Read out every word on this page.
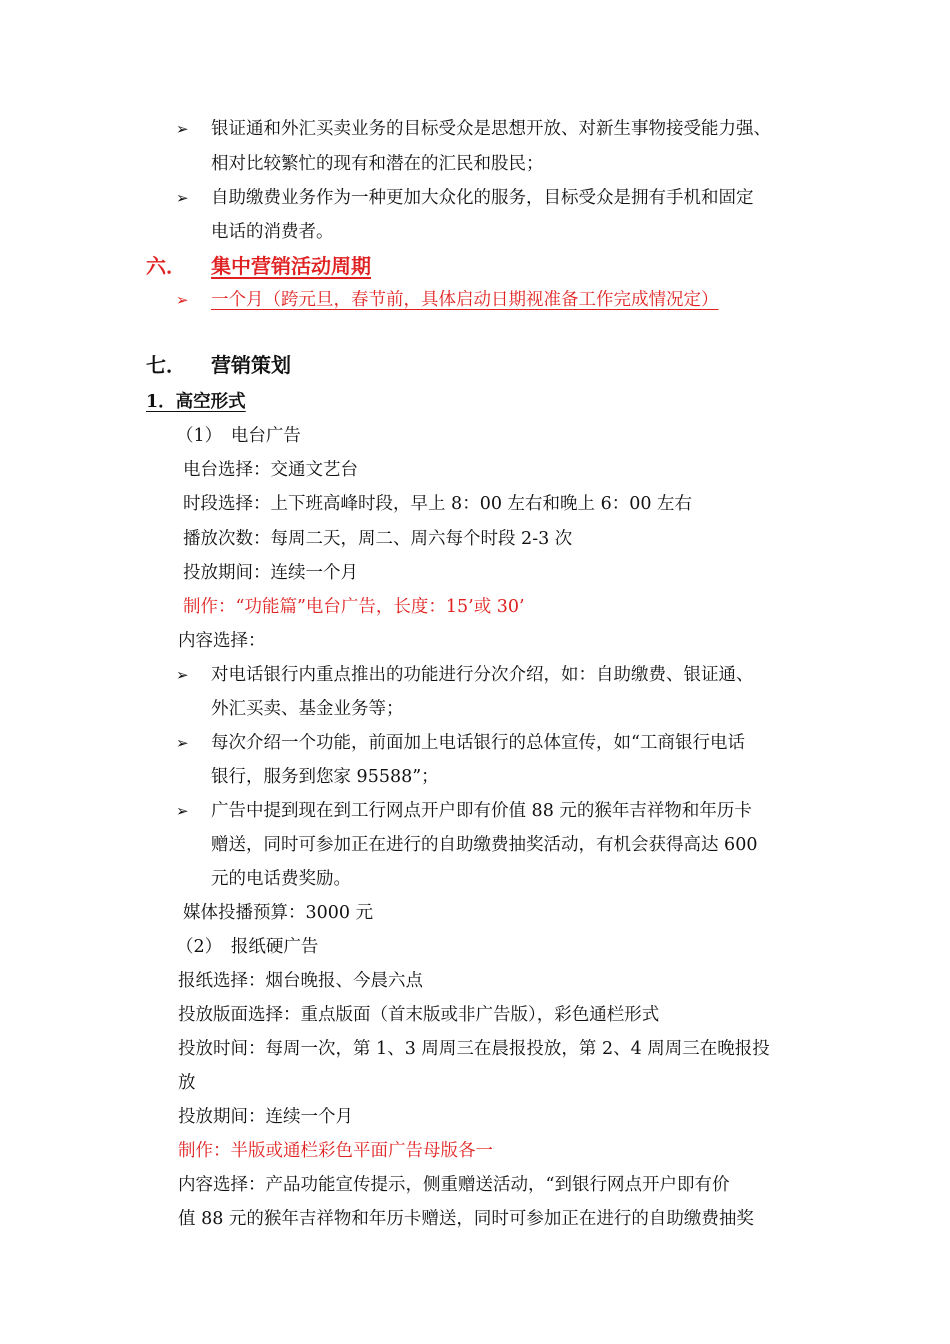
➢ 银证通和外汇买卖业务的目标受众是思想开放、对新生事物接受能力强、
相对比较繁忙的现有和潜在的汇民和股民；
➢ 自助缴费业务作为一种更加大众化的服务，目标受众是拥有手机和固定
电话的消费者。
六． 集中营销活动周期
➢ 一个月（跨元旦，春节前，具体启动日期视准备工作完成情况定）
七． 营销策划
1．高空形式
（1）　电台广告
电台选择：交通文艺台
时段选择：上下班高峰时段，早上 8：00 左右和晚上 6：00 左右
播放次数：每周二天，周二、周六每个时段 2-3 次
投放期间：连续一个月
制作：“功能篇”电台广告，长度：15’或 30’
内容选择：
➢ 对电话银行内重点推出的功能进行分次介绍，如：自助缴费、银证通、
外汇买卖、基金业务等；
➢ 每次介绍一个功能，前面加上电话银行的总体宣传，如“工商银行电话
银行，服务到您家 95588”；
➢ 广告中提到现在到工行网点开户即有价值 88 元的猴年吉祥物和年历卡
赠送，同时可参加正在进行的自助缴费抽奖活动，有机会获得高达 600
元的电话费奖励。
媒体投播预算：3000 元
（2）　报纸硬广告
报纸选择：烟台晚报、今晨六点
投放版面选择：重点版面（首末版或非广告版），彩色通栏形式
投放时间：每周一次，第 1、3 周周三在晨报投放，第 2、4 周周三在晚报投
放
投放期间：连续一个月
制作：半版或通栏彩色平面广告母版各一
内容选择：产品功能宣传提示，侧重赠送活动，“到银行网点开户即有价
值 88 元的猴年吉祥物和年历卡赠送，同时可参加正在进行的自助缴费抽奖
